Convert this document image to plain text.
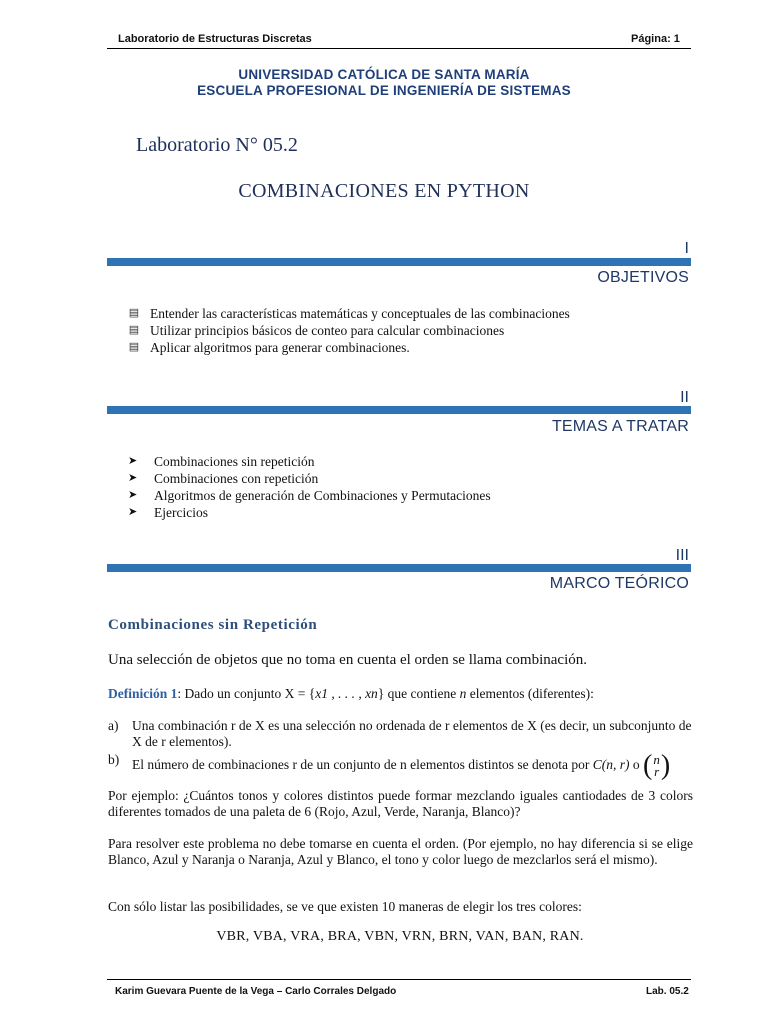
Laboratorio de Estructuras Discretas	Página: 1
UNIVERSIDAD CATÓLICA DE SANTA MARÍA
ESCUELA PROFESIONAL DE INGENIERÍA DE SISTEMAS
Laboratorio N° 05.2
COMBINACIONES EN PYTHON
I
OBJETIVOS
▤ Entender las características matemáticas y conceptuales de las combinaciones
▤ Utilizar principios básicos de conteo para calcular combinaciones
▤ Aplicar algoritmos para generar combinaciones.
II
TEMAS A TRATAR
➤	Combinaciones sin repetición
➤	Combinaciones con repetición
➤	Algoritmos de generación de Combinaciones y Permutaciones
➤	Ejercicios
III
MARCO TEÓRICO
Combinaciones sin Repetición
Una selección de objetos que no toma en cuenta el orden se llama combinación.
Definición 1: Dado un conjunto X = {x1 , . . . , xn} que contiene n elementos (diferentes):
a) Una combinación r de X es una selección no ordenada de r elementos de X (es decir, un subconjunto de X de r elementos).
b) El número de combinaciones r de un conjunto de n elementos distintos se denota por C(n, r) o ( n
r )
Por ejemplo: ¿Cuántos tonos y colores distintos puede formar mezclando iguales cantiodades de 3 colors diferentes tomados de una paleta de 6 (Rojo, Azul, Verde, Naranja, Blanco)?
Para resolver este problema no debe tomarse en cuenta el orden. (Por ejemplo, no hay diferencia si se elige Blanco, Azul y Naranja o Naranja, Azul y Blanco, el tono y color luego de mezclarlos será el mismo).
Con sólo listar las posibilidades, se ve que existen 10 maneras de elegir los tres colores:
VBR, VBA, VRA, BRA, VBN, VRN, BRN, VAN, BAN, RAN.
Karim Guevara Puente de la Vega – Carlo Corrales Delgado	Lab. 05.2
